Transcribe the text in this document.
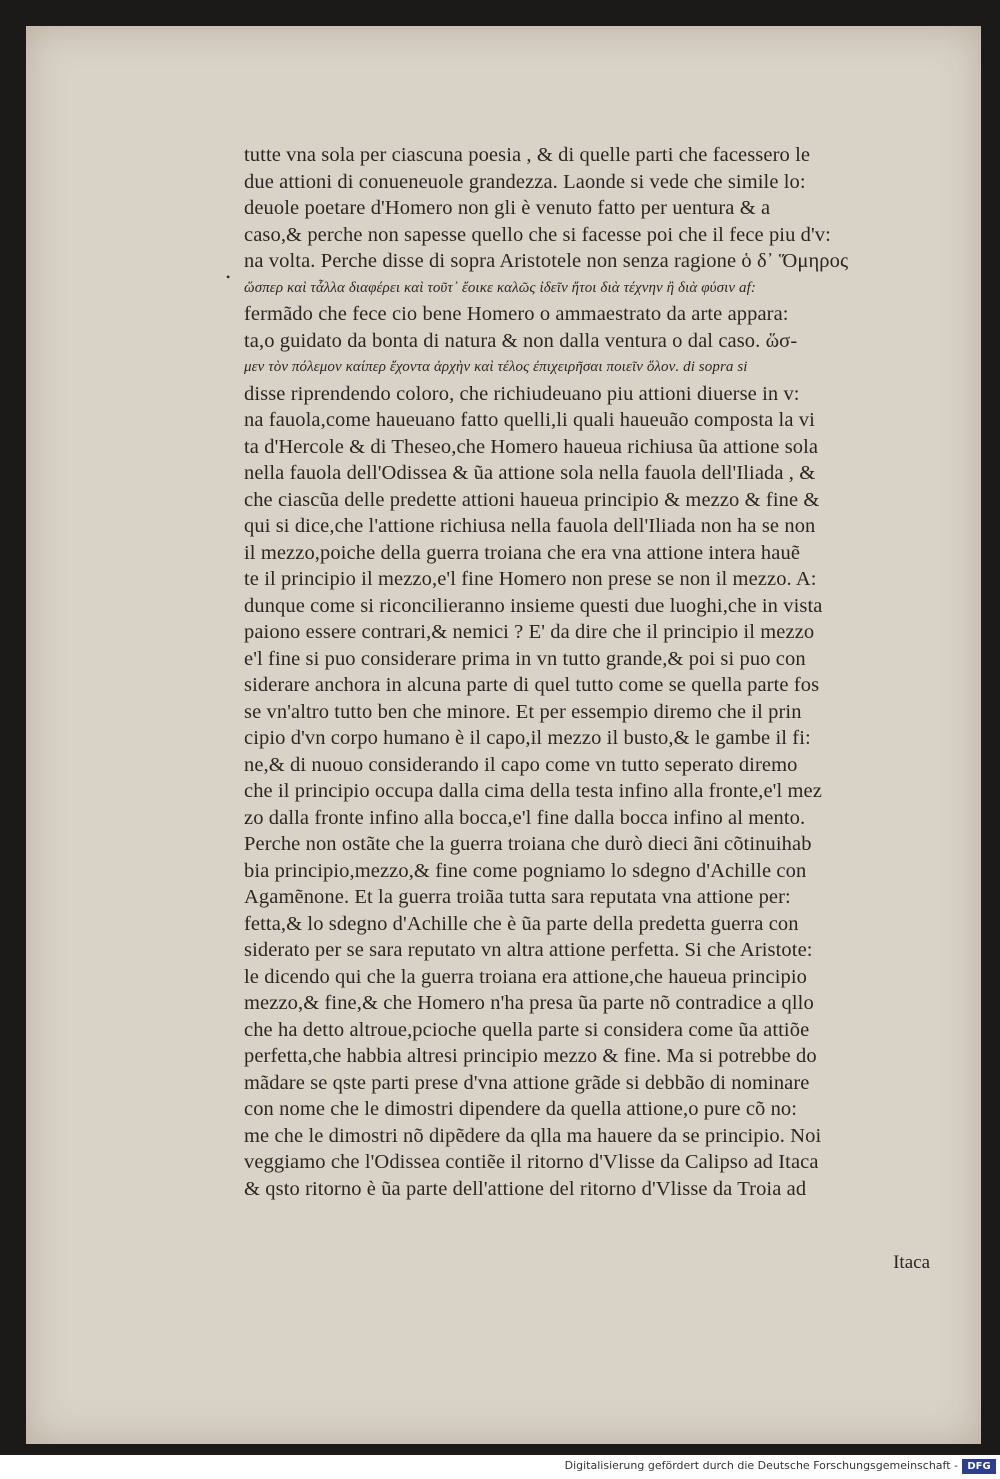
•
tutte vna sola per ciascuna poesia , & di quelle parti che facessero le
due attioni di conueneuole grandezza. Laonde si vede che simile lo:
deuole poetare d'Homero non gli è venuto fatto per uentura & a
caso,& perche non sapesse quello che si facesse poi che il fece piu d'v:
na volta. Perche disse di sopra Aristotele non senza ragione ὁ δ᾽ Ὅμηρος
ὥσπερ καὶ τἆλλα διαφέρει καὶ τοῦτ᾽ ἔοικε καλῶς ἰδεῖν ἤτοι διὰ τέχνην ἢ διὰ φύσιν af:
fermãdo che fece cio bene Homero o ammaestrato da arte appara:
ta,o guidato da bonta di natura & non dalla ventura o dal caso. ὥσ-
μεν τὸν πόλεμον καίπερ ἔχοντα ἀρχὴν καὶ τέλος ἐπιχειρῆσαι ποιεῖν ὅλον. di sopra si
disse riprendendo coloro, che richiudeuano piu attioni diuerse in v:
na fauola,come haueuano fatto quelli,li quali haueuão composta la vi
ta d'Hercole & di Theseo,che Homero haueua richiusa ũa attione sola
nella fauola dell'Odissea & ũa attione sola nella fauola dell'Iliada , &
che ciascũa delle predette attioni haueua principio & mezzo & fine &
qui si dice,che l'attione richiusa nella fauola dell'Iliada non ha se non
il mezzo,poiche della guerra troiana che era vna attione intera hauẽ
te il principio il mezzo,e'l fine Homero non prese se non il mezzo. A:
dunque come si riconcilieranno insieme questi due luoghi,che in vista
paiono essere contrari,& nemici ? E' da dire che il principio il mezzo
e'l fine si puo considerare prima in vn tutto grande,& poi si puo con
siderare anchora in alcuna parte di quel tutto come se quella parte fos
se vn'altro tutto ben che minore. Et per essempio diremo che il prin
cipio d'vn corpo humano è il capo,il mezzo il busto,& le gambe il fi:
ne,& di nuouo considerando il capo come vn tutto seperato diremo
che il principio occupa dalla cima della testa infino alla fronte,e'l mez
zo dalla fronte infino alla bocca,e'l fine dalla bocca infino al mento.
Perche non ostãte che la guerra troiana che durò dieci ãni cõtinuihab
bia principio,mezzo,& fine come pogniamo lo sdegno d'Achille con
Agamẽnone. Et la guerra troiãa tutta sara reputata vna attione per:
fetta,& lo sdegno d'Achille che è ũa parte della predetta guerra con
siderato per se sara reputato vn altra attione perfetta. Si che Aristote:
le dicendo qui che la guerra troiana era attione,che haueua principio
mezzo,& fine,& che Homero n'ha presa ũa parte nõ contradice a qllo
che ha detto altroue,pcioche quella parte si considera come ũa attiõe
perfetta,che habbia altresi principio mezzo & fine. Ma si potrebbe do
mãdare se qste parti prese d'vna attione grãde si debbão di nominare
con nome che le dimostri dipendere da quella attione,o pure cõ no:
me che le dimostri nõ dipẽdere da qlla ma hauere da se principio. Noi
veggiamo che l'Odissea contiẽe il ritorno d'Vlisse da Calipso ad Itaca
& qsto ritorno è ũa parte dell'attione del ritorno d'Vlisse da Troia ad
Itaca
Digitalisierung gefördert durch die Deutsche Forschungsgemeinschaft - DFG
